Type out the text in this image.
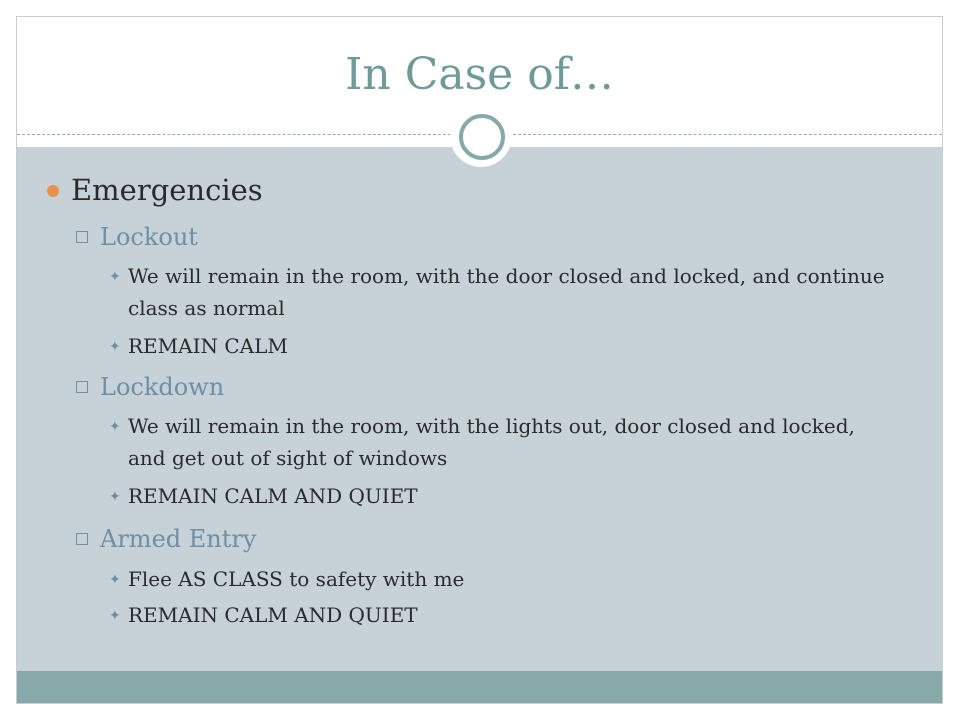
In Case of…
Emergencies
Lockout
✦ We will remain in the room, with the door closed and locked, and continue class as normal
✦ REMAIN CALM
Lockdown
✦ We will remain in the room, with the lights out, door closed and locked, and get out of sight of windows
✦ REMAIN CALM AND QUIET
Armed Entry
✦ Flee AS CLASS to safety with me
✦ REMAIN CALM AND QUIET
